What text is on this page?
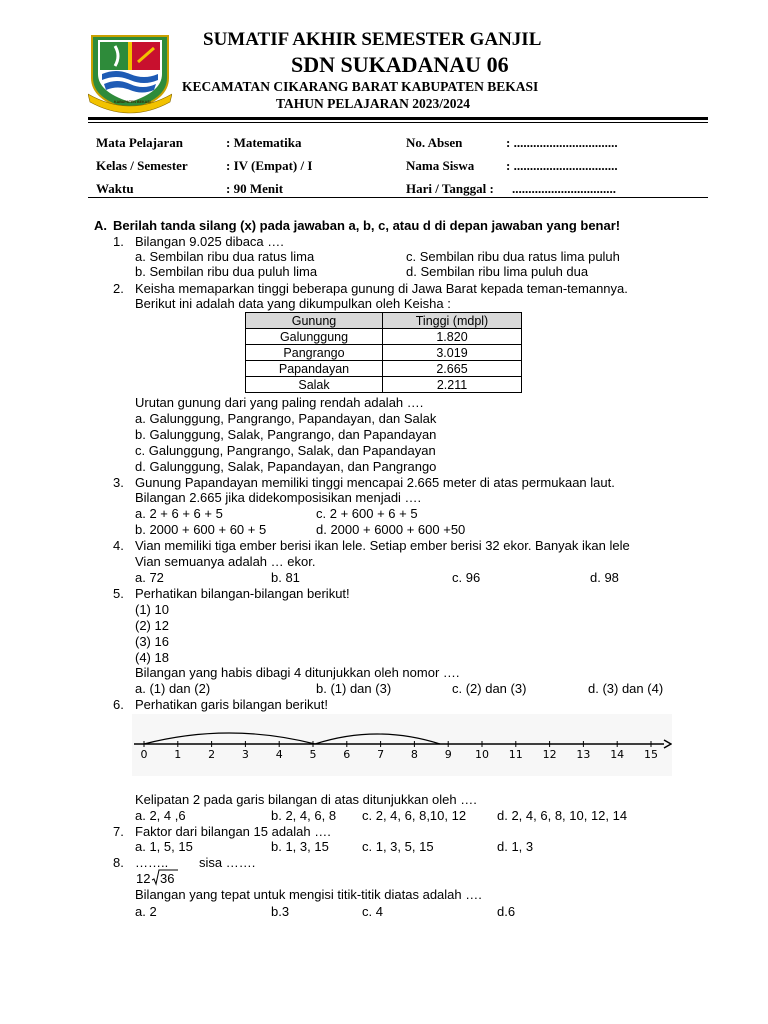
KABUPATEN BEKASI
SUMATIF AKHIR SEMESTER GANJIL
SDN SUKADANAU 06
KECAMATAN CIKARANG BARAT KABUPATEN BEKASI
TAHUN PELAJARAN 2023/2024
Mata Pelajaran	: Matematika
Kelas / Semester	: IV (Empat) / I
Waktu	: 90 Menit
No. Absen	: ................................
Nama Siswa : ................................
Hari / Tanggal : ................................
A. Berilah tanda silang (x) pada jawaban a, b, c, atau d di depan jawaban yang benar!
1. Bilangan 9.025 dibaca ….
a. Sembilan ribu dua ratus lima	c. Sembilan ribu dua ratus lima puluh
b. Sembilan ribu dua puluh lima	d. Sembilan ribu lima puluh dua
2. Keisha memaparkan tinggi beberapa gunung di Jawa Barat kepada teman-temannya.
Berikut ini adalah data yang dikumpulkan oleh Keisha :
Gunung	Tinggi (mdpl)
Galunggung	1.820
Pangrango	3.019
Papandayan	2.665
Salak	2.211
Urutan gunung dari yang paling rendah adalah ….
a. Galunggung, Pangrango, Papandayan, dan Salak
b. Galunggung, Salak, Pangrango, dan Papandayan
c. Galunggung, Pangrango, Salak, dan Papandayan
d. Galunggung, Salak, Papandayan, dan Pangrango
3. Gunung Papandayan memiliki tinggi mencapai 2.665 meter di atas permukaan laut.
Bilangan 2.665 jika didekomposisikan menjadi ….
a. 2 + 6 + 6 + 5	c. 2 + 600 + 6 + 5
b. 2000 + 600 + 60 + 5	d. 2000 + 6000 + 600 +50
4. Vian memiliki tiga ember berisi ikan lele. Setiap ember berisi 32 ekor. Banyak ikan lele
Vian semuanya adalah … ekor.
a. 72	b. 81	c. 96	d. 98
5. Perhatikan bilangan-bilangan berikut!
(1) 10
(2) 12
(3) 16
(4) 18
Bilangan yang habis dibagi 4 ditunjukkan oleh nomor ….
a. (1) dan (2)	b. (1) dan (3)	c. (2) dan (3)	d. (3) dan (4)
6. Perhatikan garis bilangan berikut!
0 1 2 3 4 5 6 7 8 9 10 11 12 13 14 15
Kelipatan 2 pada garis bilangan di atas ditunjukkan oleh ….
a. 2, 4 ,6	b. 2, 4, 6, 8 c. 2, 4, 6, 8,10, 12 d. 2, 4, 6, 8, 10, 12, 14
7. Faktor dari bilangan 15 adalah ….
a. 1, 5, 15	b. 1, 3, 15	c. 1, 3, 5, 15	d. 1, 3
8. …….. sisa …….
12 36
Bilangan yang tepat untuk mengisi titik-titik diatas adalah ….
a. 2	b.3	c. 4	d.6
